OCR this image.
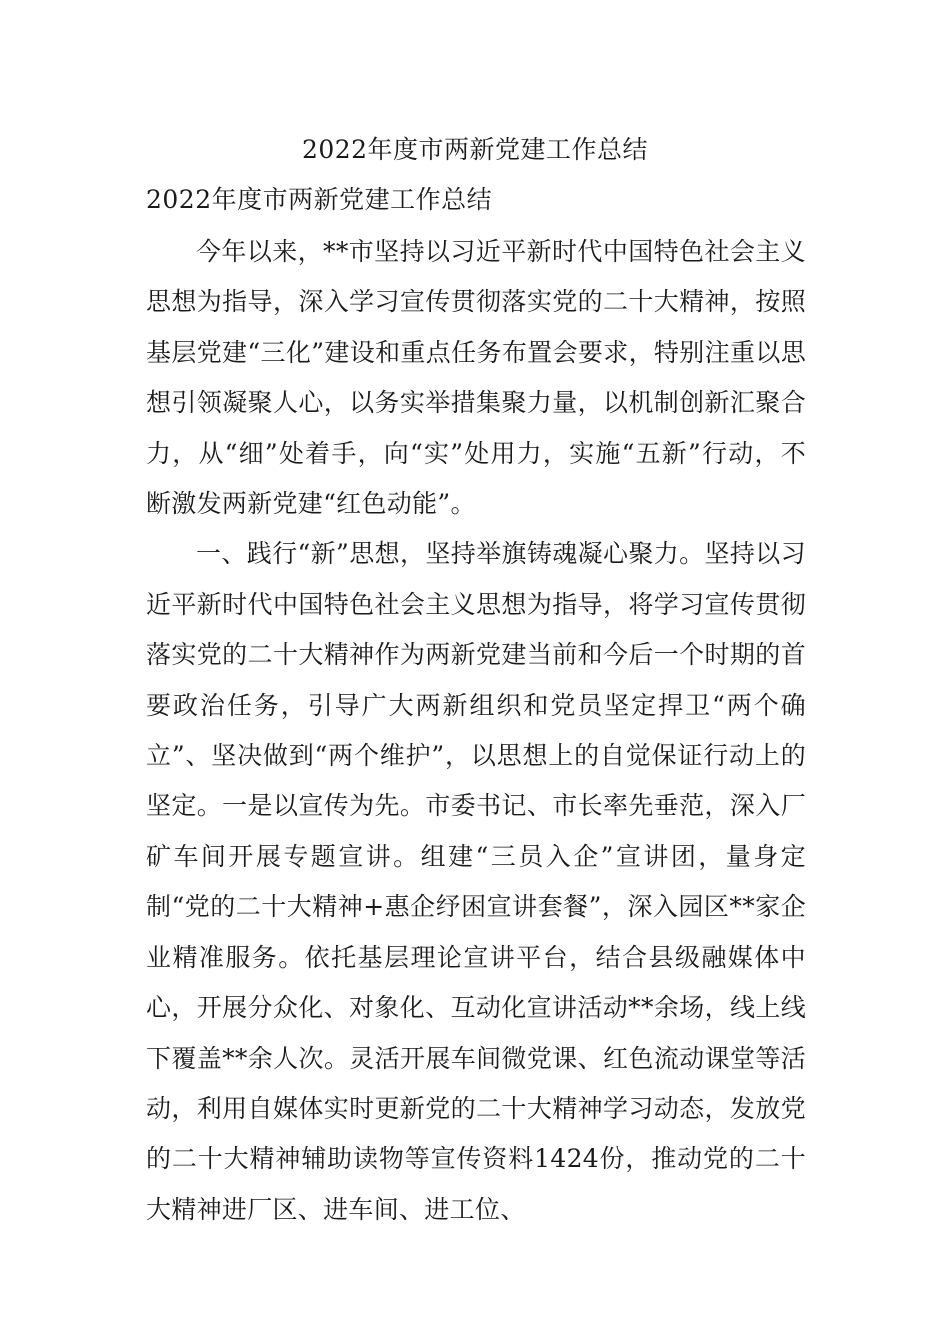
2022年度市两新党建工作总结
2022年度市两新党建工作总结

今年以来，**市坚持以习近平新时代中国特色社会主义思想为指导，深入学习宣传贯彻落实党的二十大精神，按照基层党建“三化”建设和重点任务布置会要求，特别注重以思想引领凝聚人心，以务实举措集聚力量，以机制创新汇聚合力，从“细”处着手，向“实”处用力，实施“五新”行动，不断激发两新党建“红色动能”。

一、践行“新”思想，坚持举旗铸魂凝心聚力。坚持以习近平新时代中国特色社会主义思想为指导，将学习宣传贯彻落实党的二十大精神作为两新党建当前和今后一个时期的首要政治任务，引导广大两新组织和党员坚定捍卫“两个确立”、坚决做到“两个维护”，以思想上的自觉保证行动上的坚定。一是以宣传为先。市委书记、市长率先垂范，深入厂矿车间开展专题宣讲。组建“三员入企”宣讲团，量身定制“党的二十大精神+惠企纾困宣讲套餐”，深入园区**家企业精准服务。依托基层理论宣讲平台，结合县级融媒体中心，开展分众化、对象化、互动化宣讲活动**余场，线上线下覆盖**余人次。灵活开展车间微党课、红色流动课堂等活动，利用自媒体实时更新党的二十大精神学习动态，发放党的二十大精神辅助读物等宣传资料1424份，推动党的二十大精神进厂区、进车间、进工位、
